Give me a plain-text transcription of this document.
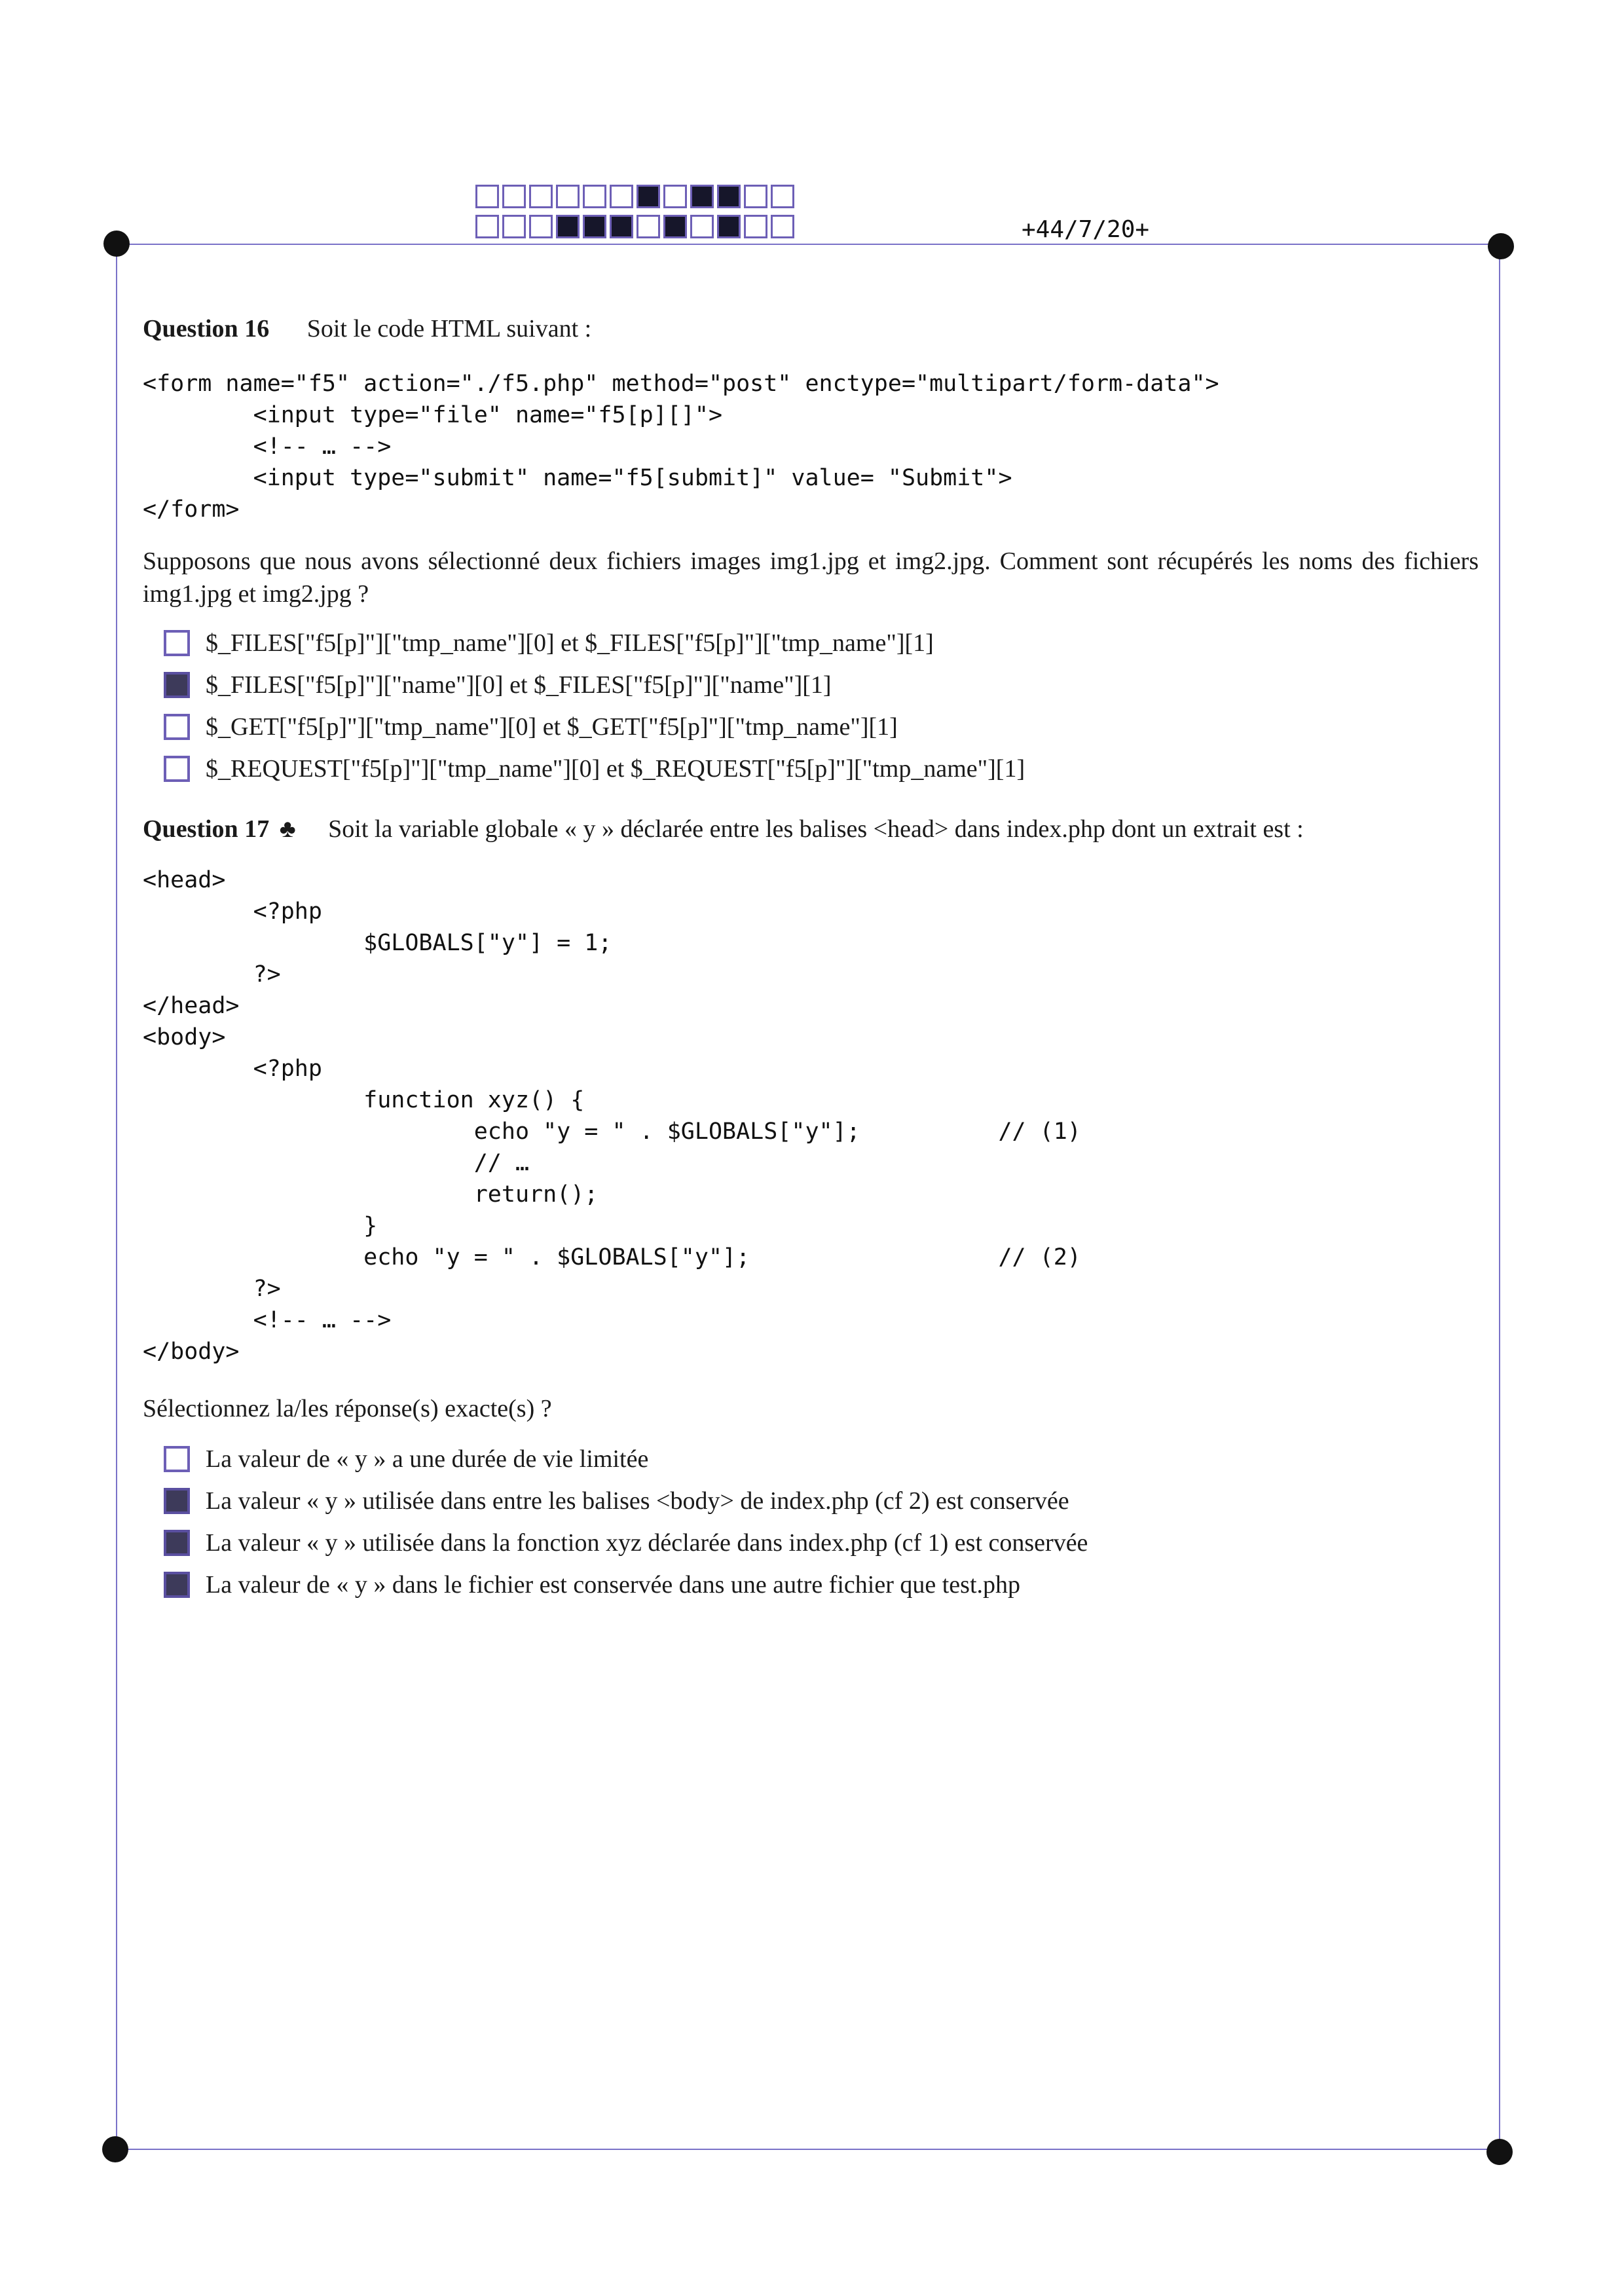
+44/7/20+
Question 16 Soit le code HTML suivant :
<form name="f5" action="./f5.php" method="post" enctype="multipart/form-data">
<input type="file" name="f5[p][]">
<!-- … -->
<input type="submit" name="f5[submit]" value= "Submit">
</form>

Supposons que nous avons sélectionné deux fichiers images img1.jpg et img2.jpg. Comment sont récupérés les noms des fichiers img1.jpg et img2.jpg ?

$_FILES["f5[p]"]["tmp_name"][0] et $_FILES["f5[p]"]["tmp_name"][1]
$_FILES["f5[p]"]["name"][0] et $_FILES["f5[p]"]["name"][1]
$_GET["f5[p]"]["tmp_name"][0] et $_GET["f5[p]"]["tmp_name"][1]
$_REQUEST["f5[p]"]["tmp_name"][0] et $_REQUEST["f5[p]"]["tmp_name"][1]
Question 17 ♣ Soit la variable globale « y » déclarée entre les balises <head> dans index.php dont un extrait est :
<head>
<?php
$GLOBALS["y"] = 1;
?>
</head>
<body>
<?php
function xyz() {
echo "y = " . $GLOBALS["y"];          // (1)
// …
return();
}
echo "y = " . $GLOBALS["y"];                  // (2)
?>
<!-- … -->
</body>

Sélectionnez la/les réponse(s) exacte(s) ?

La valeur de « y » a une durée de vie limitée
La valeur « y » utilisée dans entre les balises <body> de index.php (cf 2) est conservée
La valeur « y » utilisée dans la fonction xyz déclarée dans index.php (cf 1) est conservée
La valeur de « y » dans le fichier est conservée dans une autre fichier que test.php
